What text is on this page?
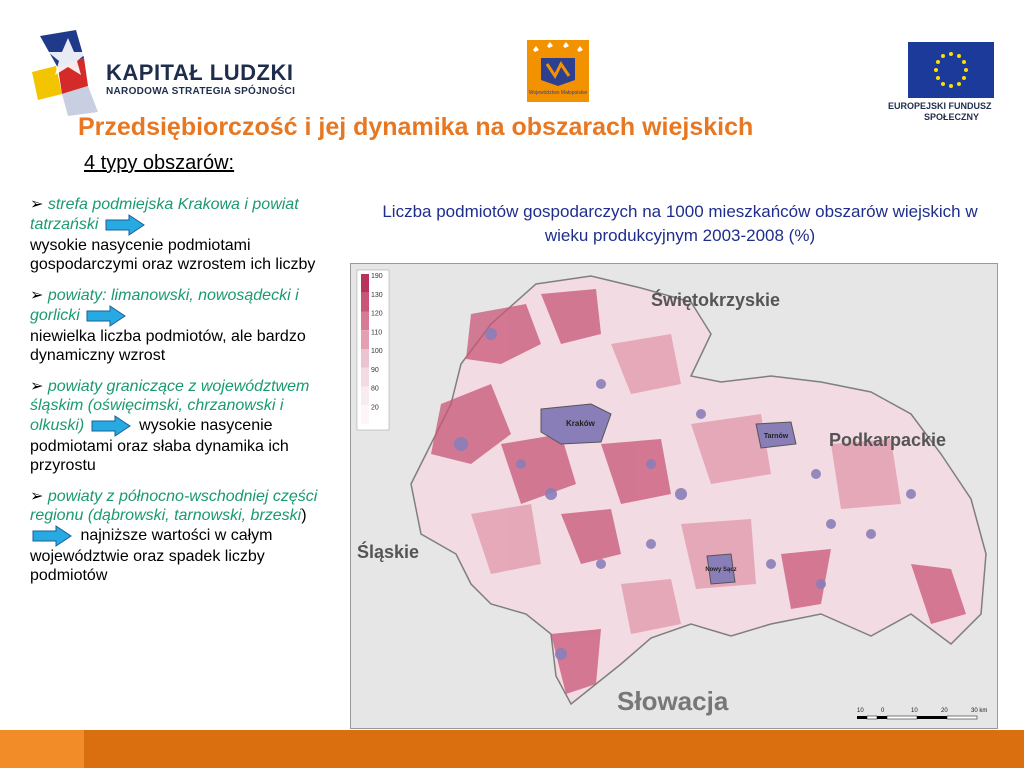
KAPITAŁ LUDZKI
NARODOWA STRATEGIA SPÓJNOŚCI	Województwo Małopolskie
EUROPEJSKI FUNDUSZ
SPOŁECZNY
Przedsiębiorczość i jej dynamika na obszarach wiejskich
4 typy obszarów:
➢ strefa podmiejska Krakowa i powiat tatrzański
wysokie nasycenie podmiotami gospodarczymi oraz wzrostem ich liczby
➢ powiaty: limanowski, nowosądecki i gorlicki
niewielka liczba podmiotów, ale bardzo dynamiczny wzrost
➢ powiaty graniczące z województwem śląskim (oświęcimski, chrzanowski i olkuski)	wysokie nasycenie podmiotami oraz słaba dynamika ich przyrostu
➢ powiaty z północno-wschodniej części regionu (dąbrowski, tarnowski, brzeski)  najniższe wartości w całym województwie oraz spadek liczby podmiotów
Liczba podmiotów gospodarczych na 1000 mieszkańców obszarów wiejskich w wieku produkcyjnym 2003-2008 (%)
Kraków
Tarnów
Nowy Sącz
190
130
120
110
100
90
80
20
Świętokrzyskie
Podkarpackie
Śląskie
Słowacja	10	0	10	20	30 km
